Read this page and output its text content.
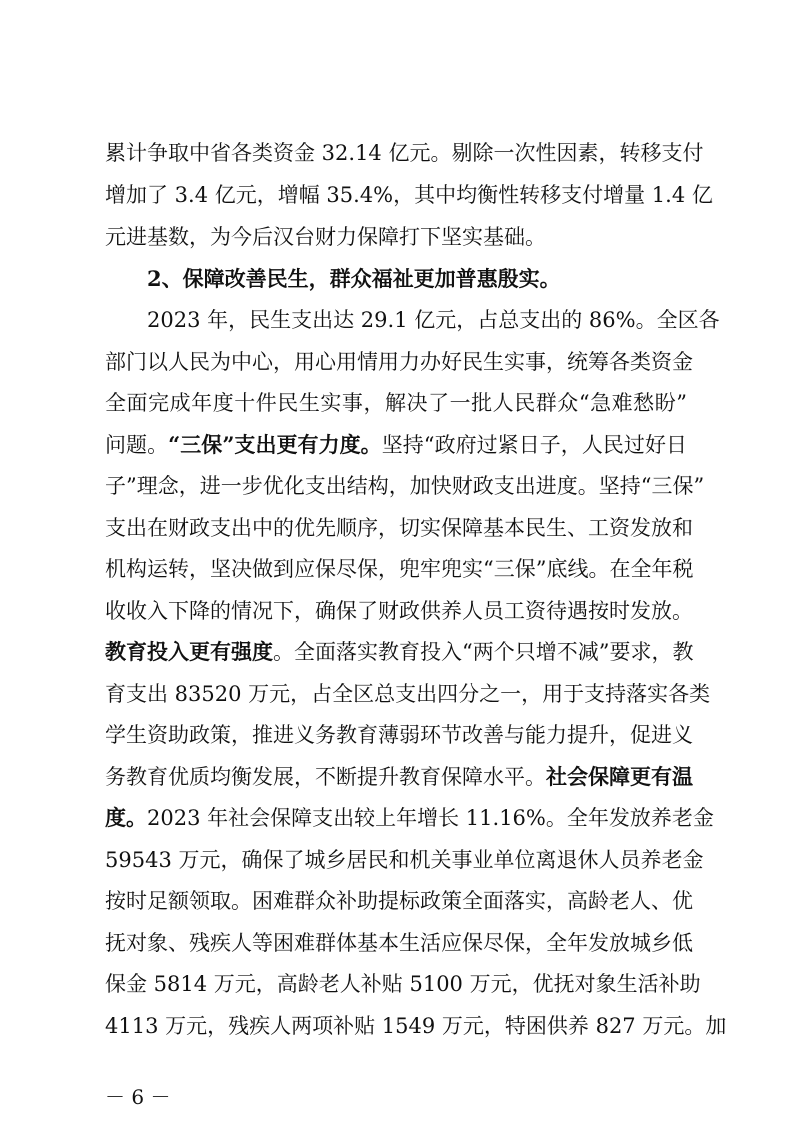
累计争取中省各类资金 32.14 亿元。剔除一次性因素，转移支付
增加了 3.4 亿元，增幅 35.4%，其中均衡性转移支付增量 1.4 亿
元进基数，为今后汉台财力保障打下坚实基础。
2、保障改善民生，群众福祉更加普惠殷实。
2023 年，民生支出达 29.1 亿元，占总支出的 86%。全区各
部门以人民为中心，用心用情用力办好民生实事，统筹各类资金
全面完成年度十件民生实事，解决了一批人民群众“急难愁盼”
问题。“三保”支出更有力度。坚持“政府过紧日子，人民过好日
子”理念，进一步优化支出结构，加快财政支出进度。坚持“三保”
支出在财政支出中的优先顺序，切实保障基本民生、工资发放和
机构运转，坚决做到应保尽保，兜牢兜实“三保”底线。在全年税
收收入下降的情况下，确保了财政供养人员工资待遇按时发放。
教育投入更有强度。全面落实教育投入“两个只增不减”要求，教
育支出 83520 万元，占全区总支出四分之一，用于支持落实各类
学生资助政策，推进义务教育薄弱环节改善与能力提升，促进义
务教育优质均衡发展，不断提升教育保障水平。社会保障更有温
度。2023 年社会保障支出较上年增长 11.16%。全年发放养老金
59543 万元，确保了城乡居民和机关事业单位离退休人员养老金
按时足额领取。困难群众补助提标政策全面落实，高龄老人、优
抚对象、残疾人等困难群体基本生活应保尽保，全年发放城乡低
保金 5814 万元，高龄老人补贴 5100 万元，优抚对象生活补助
4113 万元，残疾人两项补贴 1549 万元，特困供养 827 万元。加
－ 6 －
